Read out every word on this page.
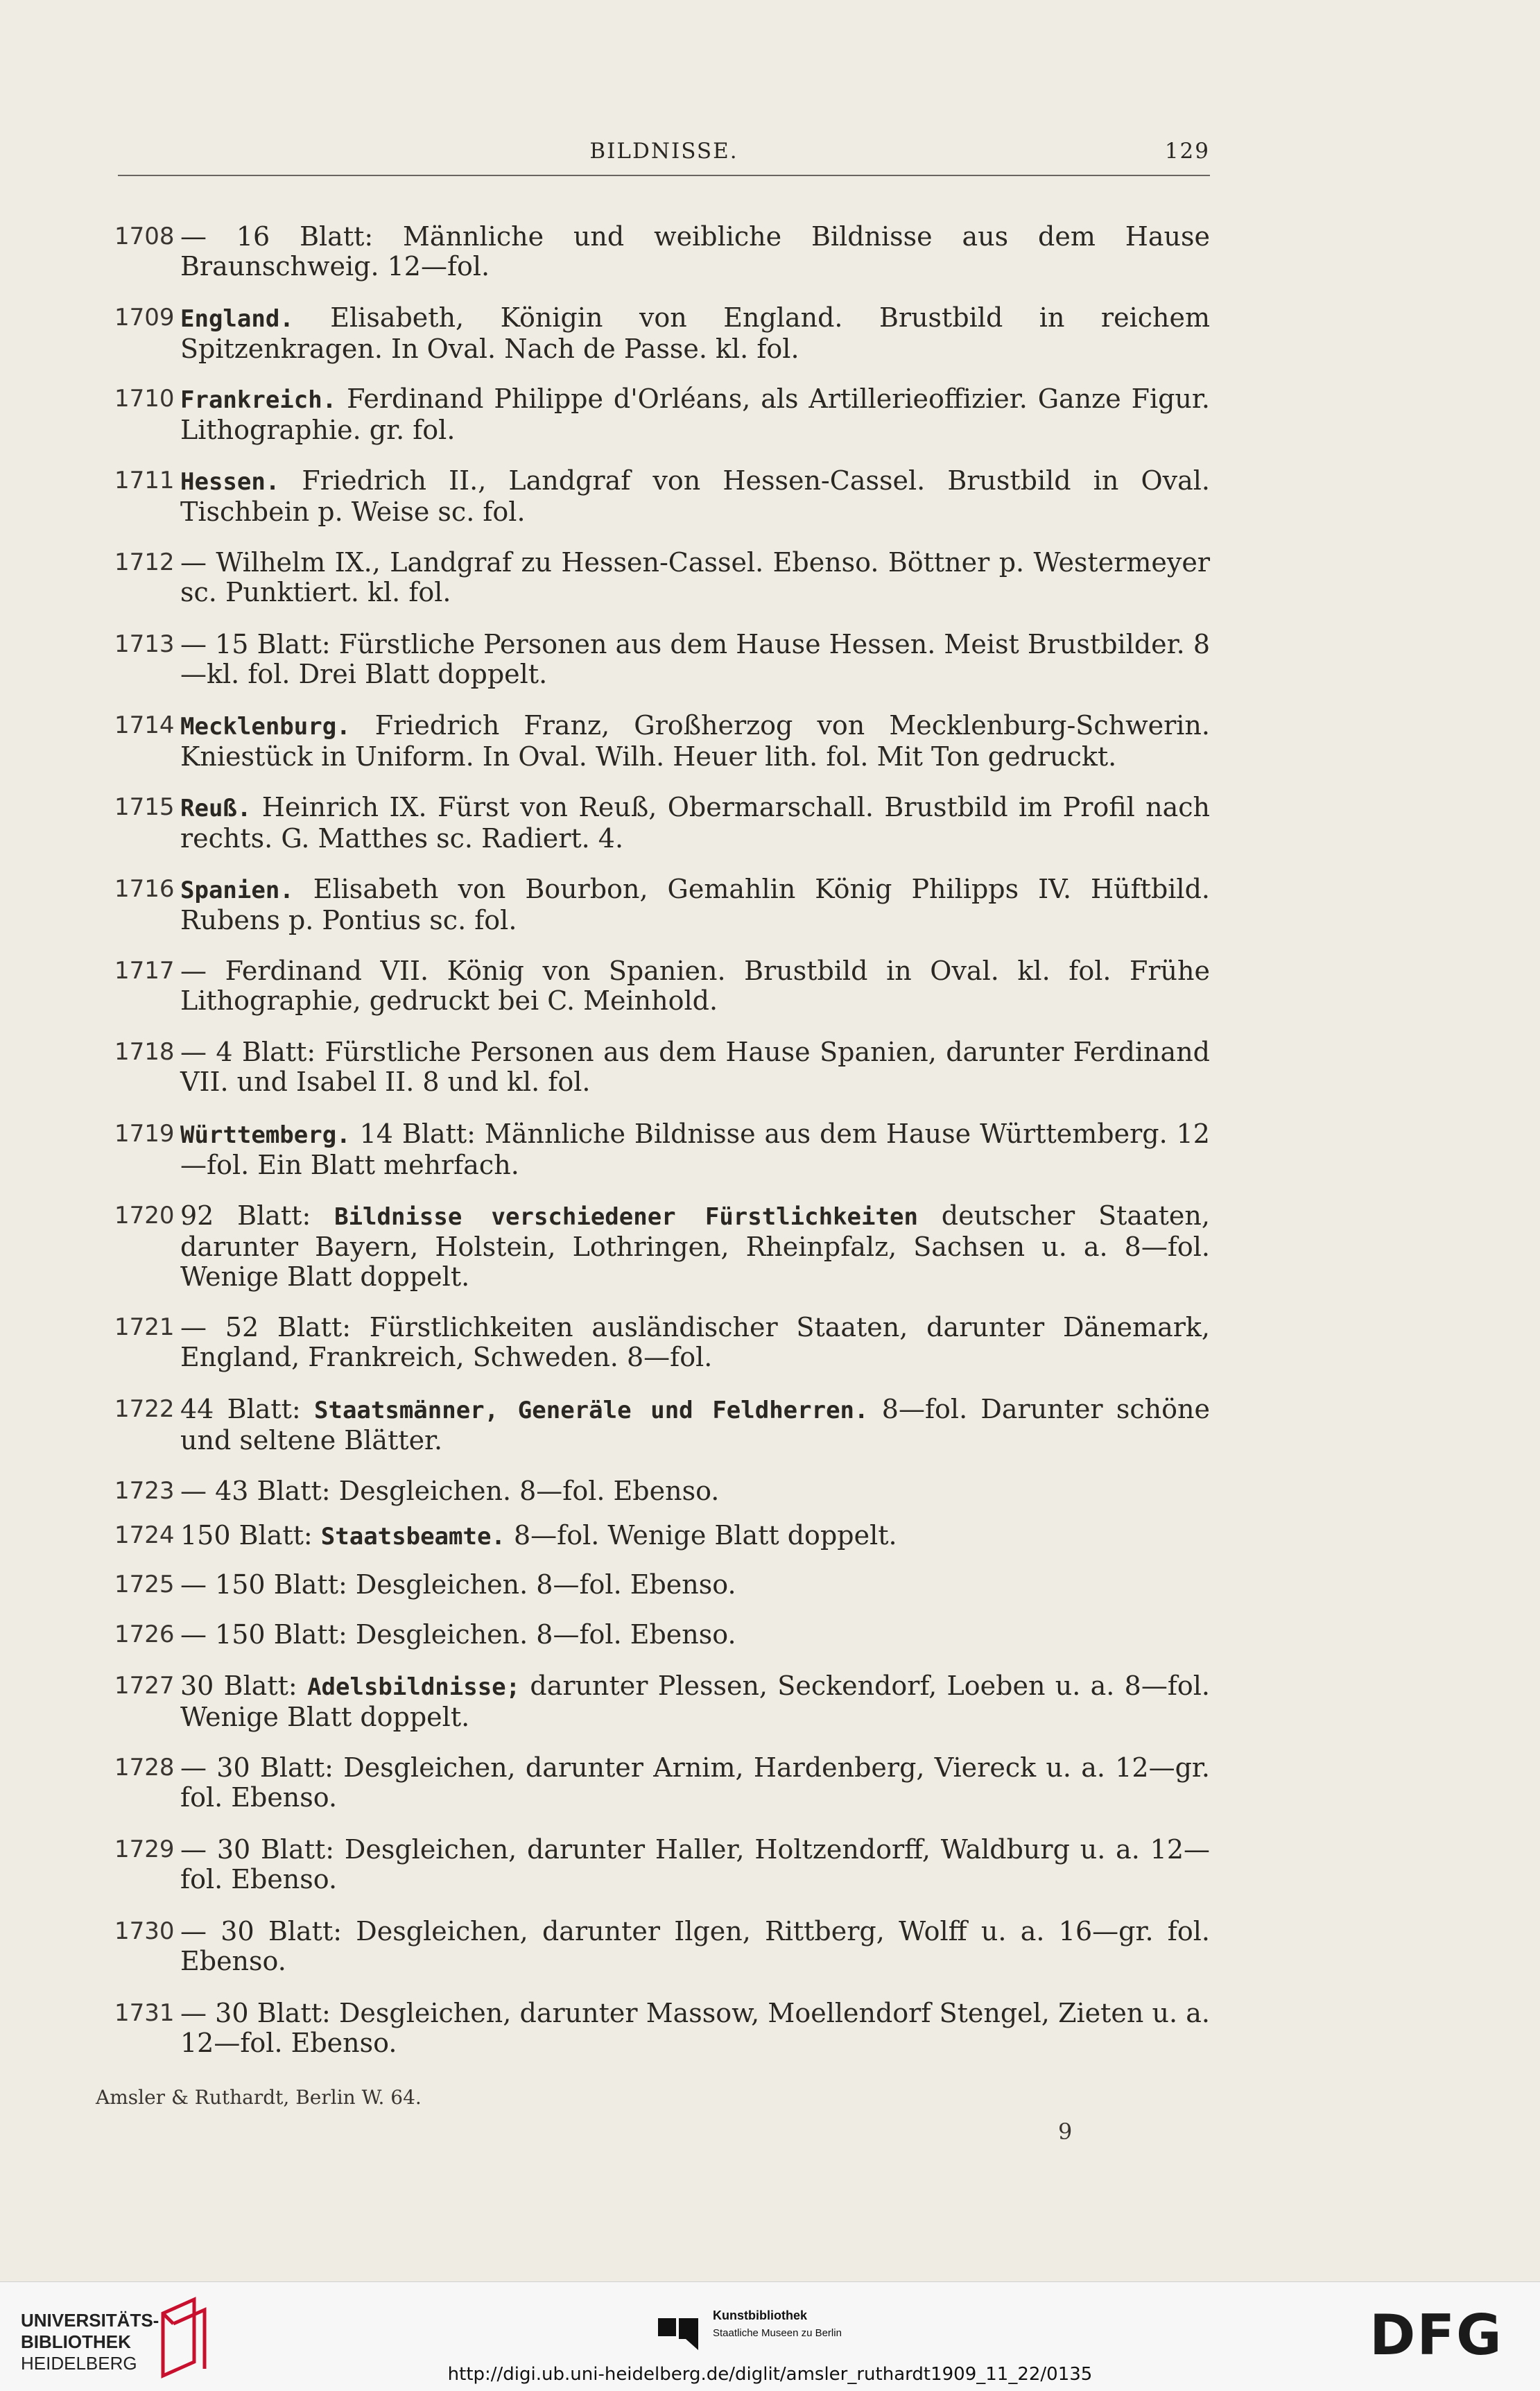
BILDNISSE.	129
1708 — 16 Blatt: Männliche und weibliche Bildnisse aus dem Hause Braunschweig. 12—fol.
1709 England. Elisabeth, Königin von England. Brustbild in reichem Spitzenkragen. In Oval. Nach de Passe. kl. fol.
1710 Frankreich. Ferdinand Philippe d'Orléans, als Artillerieoffizier. Ganze Figur. Lithographie. gr. fol.
1711 Hessen. Friedrich II., Landgraf von Hessen-Cassel. Brustbild in Oval. Tischbein p. Weise sc. fol.
1712 — Wilhelm IX., Landgraf zu Hessen-Cassel. Ebenso. Böttner p. Westermeyer sc. Punktiert. kl. fol.
1713 — 15 Blatt: Fürstliche Personen aus dem Hause Hessen. Meist Brustbilder. 8—kl. fol. Drei Blatt doppelt.
1714 Mecklenburg. Friedrich Franz, Großherzog von Mecklenburg-Schwerin. Kniestück in Uniform. In Oval. Wilh. Heuer lith. fol. Mit Ton gedruckt.
1715 Reuß. Heinrich IX. Fürst von Reuß, Obermarschall. Brustbild im Profil nach rechts. G. Matthes sc. Radiert. 4.
1716 Spanien. Elisabeth von Bourbon, Gemahlin König Philipps IV. Hüftbild. Rubens p. Pontius sc. fol.
1717 — Ferdinand VII. König von Spanien. Brustbild in Oval. kl. fol. Frühe Lithographie, gedruckt bei C. Meinhold.
1718 — 4 Blatt: Fürstliche Personen aus dem Hause Spanien, darunter Ferdinand VII. und Isabel II. 8 und kl. fol.
1719 Württemberg. 14 Blatt: Männliche Bildnisse aus dem Hause Württemberg. 12—fol. Ein Blatt mehrfach.
1720 92 Blatt: Bildnisse verschiedener Fürstlichkeiten deutscher Staaten, darunter Bayern, Holstein, Lothringen, Rheinpfalz, Sachsen u. a. 8—fol. Wenige Blatt doppelt.
1721 — 52 Blatt: Fürstlichkeiten ausländischer Staaten, darunter Dänemark, England, Frankreich, Schweden. 8—fol.
1722 44 Blatt: Staatsmänner, Generäle und Feldherren. 8—fol. Darunter schöne und seltene Blätter.
1723 — 43 Blatt: Desgleichen. 8—fol. Ebenso.
1724 150 Blatt: Staatsbeamte. 8—fol. Wenige Blatt doppelt.
1725 — 150 Blatt: Desgleichen. 8—fol. Ebenso.
1726 — 150 Blatt: Desgleichen. 8—fol. Ebenso.
1727 30 Blatt: Adelsbildnisse; darunter Plessen, Seckendorf, Loeben u. a. 8—fol. Wenige Blatt doppelt.
1728 — 30 Blatt: Desgleichen, darunter Arnim, Hardenberg, Viereck u. a. 12—gr. fol. Ebenso.
1729 — 30 Blatt: Desgleichen, darunter Haller, Holtzendorff, Waldburg u. a. 12—fol. Ebenso.
1730 — 30 Blatt: Desgleichen, darunter Ilgen, Rittberg, Wolff u. a. 16—gr. fol. Ebenso.
1731 — 30 Blatt: Desgleichen, darunter Massow, Moellendorf Stengel, Zieten u. a. 12—fol. Ebenso.
Amsler & Ruthardt, Berlin W. 64.
9
UNIVERSITÄTS-
BIBLIOTHEK
HEIDELBERG
Kunstbibliothek
Staatliche Museen zu Berlin	DFG
http://digi.ub.uni-heidelberg.de/diglit/amsler_ruthardt1909_11_22/0135
